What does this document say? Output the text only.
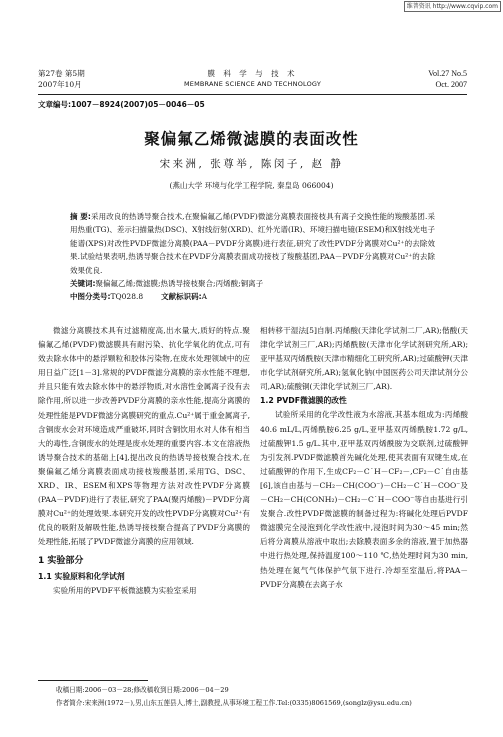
维普资讯 http://www.cqvip.com
第27卷 第5期
2007年10月
膜 科 学 与 技 术
MEMBRANE SCIENCE AND TECHNOLOGY
Vol.27 No.5
Oct. 2007
文章编号:1007－8924(2007)05－0046－05
聚偏氟乙烯微滤膜的表面改性
宋来洲, 张尊举, 陈闵子, 赵 静
(燕山大学 环境与化学工程学院, 秦皇岛 066004)
摘 要:采用改良的热诱导聚合技术,在聚偏氟乙烯(PVDF)微滤分离膜表面接枝具有离子交换性能的羧酸基团.采用热重(TG)、差示扫描量热(DSC)、X射线衍射(XRD)、红外光谱(IR)、环境扫描电镜(ESEM)和X射线光电子能谱(XPS)对改性PVDF微滤分离膜(PAA－PVDF分离膜)进行表征,研究了改性PVDF分离膜对Cu²⁺的去除效果.试验结果表明,热诱导聚合技术在PVDF分离膜表面成功接枝了羧酸基团,PAA－PVDF分离膜对Cu²⁺的去除效果优良.
关键词:聚偏氟乙烯;微滤膜;热诱导接枝聚合;丙烯酸;铜离子
中图分类号:TQ028.8 文献标识码:A

微滤分离膜技术具有过滤精度高,出水量大,质好的特点.聚偏氟乙烯(PVDF)微滤膜具有耐污染、抗化学氧化的优点,可有效去除水体中的悬浮颗粒和胶体污染物,在废水处理领域中的应用日益广泛[1－3].常规的PVDF微滤分离膜的亲水性能不理想,并且只能有效去除水体中的悬浮物质,对水溶性金属离子没有去除作用,所以进一步改善PVDF分离膜的亲水性能,提高分离膜的处理性能是PVDF微滤分离膜研究的重点.Cu²⁺属于重金属离子,含铜废水会对环境造成严重破坏,同时含铜饮用水对人体有相当大的毒性,含铜废水的处理是废水处理的重要内容.本文在溶液热诱导聚合技术的基础上[4],提出改良的热诱导接枝聚合技术,在聚偏氟乙烯分离膜表面成功接枝羧酸基团,采用TG、DSC、XRD、IR、ESEM和XPS等物理方法对改性PVDF分离膜(PAA－PVDF)进行了表征,研究了PAA(聚丙烯酸)－PVDF分离膜对Cu²⁺的处理效果.本研究开发的改性PVDF分离膜对Cu²⁺有优良的吸附及解吸性能,热诱导接枝聚合提高了PVDF分离膜的处理性能,拓展了PVDF微滤分离膜的应用领域.

1 实验部分
1.1 实验原料和化学试剂

实验所用的PVDF平板微滤膜为实验室采用

相转移干湿法[5]自制.丙烯酸(天津化学试剂二厂,AR);偕酸(天津化学试剂三厂,AR);丙烯酰胺(天津市化学试剂研究所,AR);亚甲基双丙烯酰胺(天津市精细化工研究所,AR);过硫酸钾(天津市化学试剂研究所,AR);氢氧化钠(中国医药公司天津试剂分公司,AR);硫酸铜(天津化学试剂三厂,AR).

1.2 PVDF微滤膜的改性

试验所采用的化学改性液为水溶液,其基本组成为:丙烯酸40.6 mL/L,丙烯酰胺6.25 g/L,亚甲基双丙烯酰胺1.72 g/L,过硫酸钾1.5 g/L.其中,亚甲基双丙烯酰胺为交联剂,过硫酸钾为引发剂.PVDF微滤膜首先碱化处理,使其表面有双键生成,在过硫酸钾的作用下,生成CF₂－C˙H－CF₂－,CF₂－C˙自由基[6],该自由基与－CH₂－CH(COO⁻)－CH₂－C˙H－COO⁻及－CH₂－CH(CONH₂)－CH₂－C˙H－COO⁻等自由基进行引发聚合.改性PVDF微滤膜的制备过程为:将碱化处理后PVDF微滤膜完全浸泡到化学改性液中,浸泡时间为30～45 min;然后将分离膜从溶液中取出;去除膜表面多余的溶液,置于加热器中进行热处理,保持温度100～110 ℃,热处理时间为30 min,热处理在氮气气体保护气氛下进行.冷却至室温后,将PAA－PVDF分离膜在去离子水

收稿日期:2006－03－28;修改稿收到日期:2006－04－29
作者简介:宋来洲(1972－),男,山东五莲县人,博士,副教授,从事环境工程工作.Tel:(0335)8061569,(songlz@ysu.edu.cn)
